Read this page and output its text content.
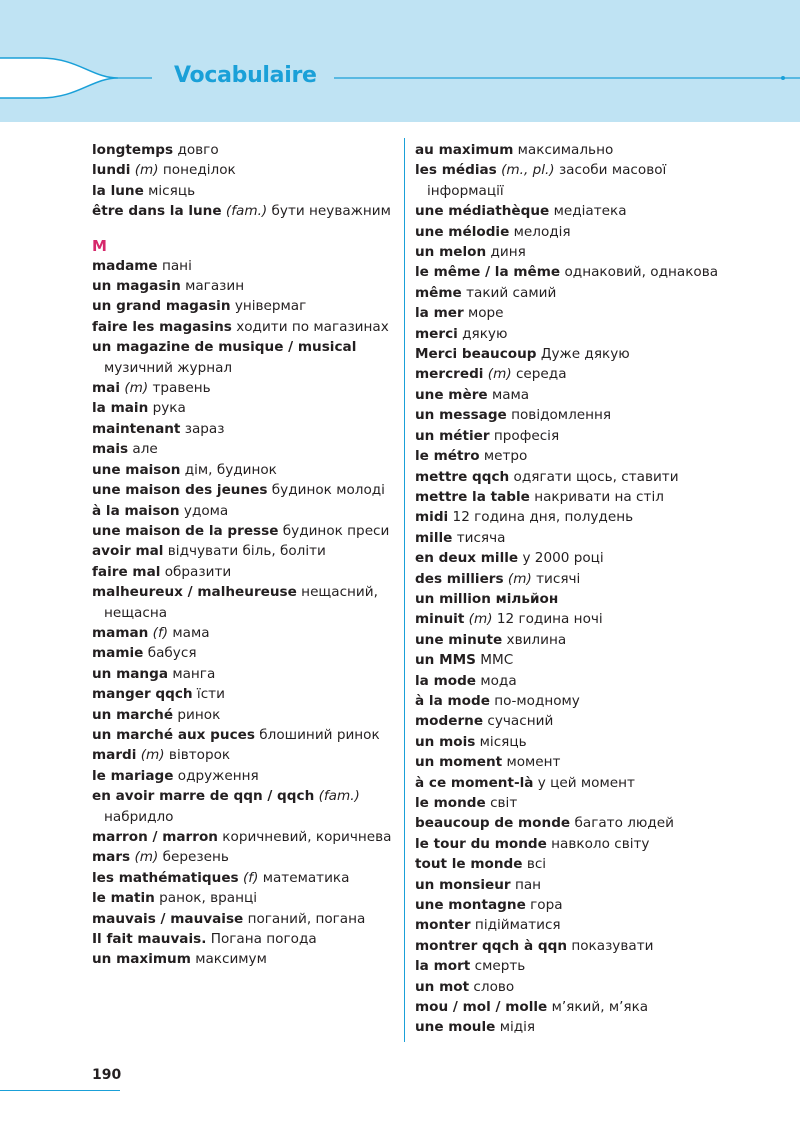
Vocabulaire

longtemps довго

lundi (m) понеділок

la lune місяць

être dans la lune (fam.) бути неуважним

M

madame пані

un magasin магазин

un grand magasin універмаг

faire les magasins ходити по магазинах

un magazine de musique / musical музичний журнал

mai (m) травень

la main рука

maintenant зараз

mais але

une maison дім, будинок

une maison des jeunes будинок молоді

à la maison удома

une maison de la presse будинок преси

avoir mal відчувати біль, боліти

faire mal образити

malheureux / malheureuse нещасний, нещасна

maman (f) мама

mamie бабуся

un manga манга

manger qqch їсти

un marché ринок

un marché aux puces блошиний ринок

mardi (m) вівторок

le mariage одруження

en avoir marre de qqn / qqch (fam.) набридло

marron / marron коричневий, коричнева

mars (m) березень

les mathématiques (f) математика

le matin ранок, вранці

mauvais / mauvaise поганий, погана

Il fait mauvais. Погана погода

un maximum максимум

au maximum максимально

les médias (m., pl.) засоби масової інформації

une médiathèque медіатека

une mélodie мелодія

un melon диня

le même / la même однаковий, однакова

même такий самий

la mer море

merci дякую

Merci beaucoup Дуже дякую

mercredi (m) середа

une mère мама

un message повідомлення

un métier професія

le métro метро

mettre qqch одягати щось, ставити

mettre la table накривати на стіл

midi 12 година дня, полудень

mille тисяча

en deux mille у 2000 році

des milliers (m) тисячі

un million мільйон

minuit (m) 12 година ночі

une minute хвилина

un MMS ММС

la mode мода

à la mode по-модному

moderne сучасний

un mois місяць

un moment момент

à ce moment-là у цей момент

le monde світ

beaucoup de monde багато людей

le tour du monde навколо світу

tout le monde всі

un monsieur пан

une montagne гора

monter підійматися

montrer qqch à qqn показувати

la mort смерть

un mot слово

mou / mol / molle м’який, м’яка

une moule мідія

190
